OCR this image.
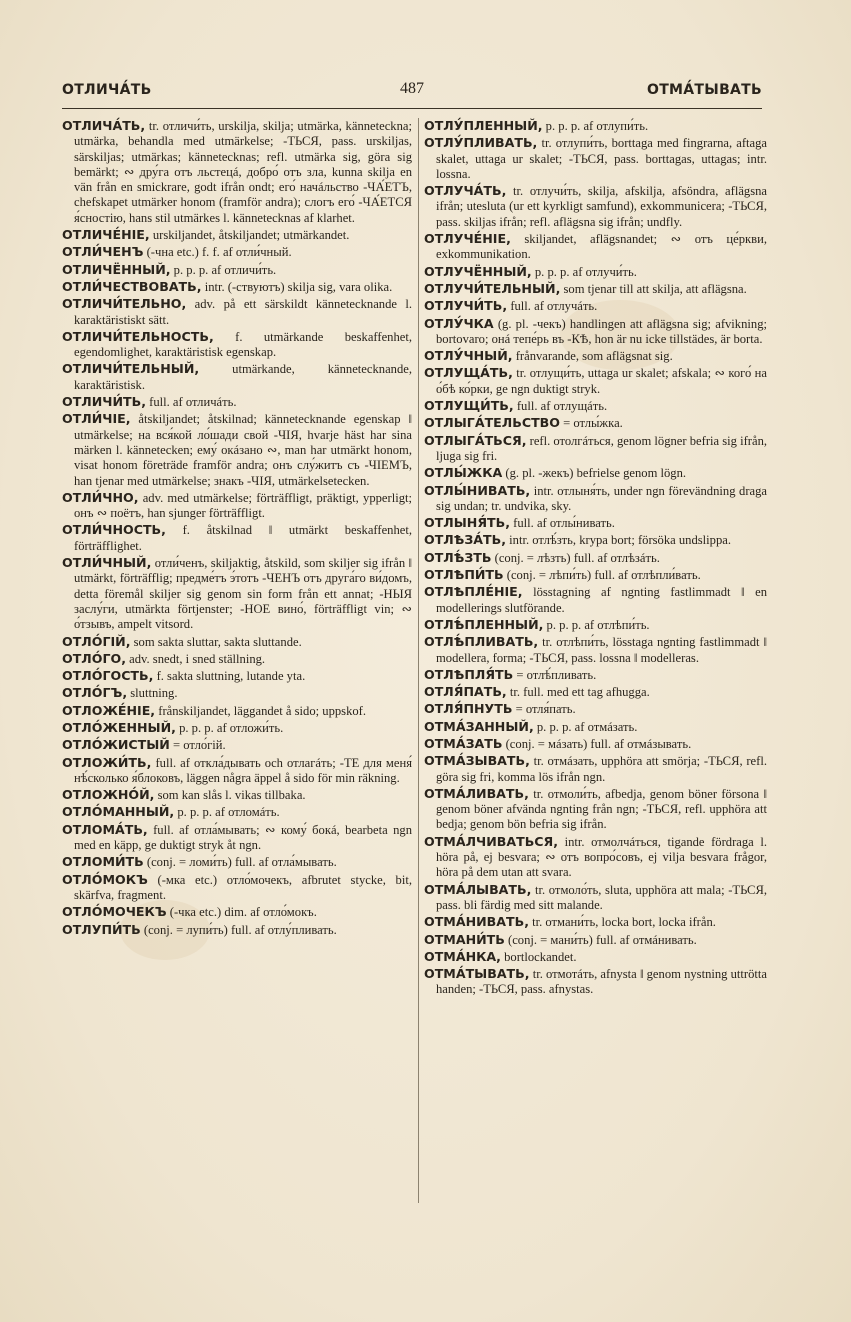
ОТЛИЧА́ТЬ	487	ОТМА́ТЫВАТЬ

ОТЛИЧА́ТЬ, tr. отличи́ть, urskilja, skilja; utmärka, känneteckna; utmärka, behandla med utmärkelse; -ТЬСЯ, pass. urskiljas, särskiljas; utmärkas; kännetecknas; refl. utmärka sig, göra sig bemärkt; ∾ дру́га отъ льстецá, добро́ отъ зла, kunna skilja en vän från en smickrare, godt ifrån ondt; его́ начáльство -ЧА́ЕТЪ, chefskapet utmärker honom (framför andra); слогъ его́ -ЧА́ЕТСЯ я́сностію, hans stil utmärkes l. kännetecknas af klarhet.

ОТЛИЧЕ́НІЕ, urskiljandet, åtskiljandet; utmärkandet.

ОТЛИ́ЧЕНЪ (-чна etc.) f. f. af отли́чный.

ОТЛИЧЁННЫЙ, p. p. p. af отличи́ть.

ОТЛИ́ЧЕСТВОВАТЬ, intr. (-ствуютъ) skilja sig, vara olika.

ОТЛИЧИ́ТЕЛЬНО, adv. på ett särskildt kännetecknande l. karaktäristiskt sätt.

ОТЛИЧИ́ТЕЛЬНОСТЬ, f. utmärkande beskaffenhet, egendomlighet, karaktäristisk egenskap.

ОТЛИЧИ́ТЕЛЬНЫЙ, utmärkande, kännetecknande, karaktäristisk.

ОТЛИЧИ́ТЬ, full. af отличáть.

ОТЛИ́ЧІЕ, åtskiljandet; åtskilnad; kännetecknande egenskap ‖ utmärkelse; на вся́кой ло́шади свой -ЧІЯ, hvarje häst har sina märken l. kännetecken; ему́ окáзано ∾, man har utmärkt honom, visat honom företräde framför andra; онъ слу́житъ съ -ЧІЕМЪ, han tjenar med utmärkelse; знакъ -ЧІЯ, utmärkelsetecken.

ОТЛИ́ЧНО, adv. med utmärkelse; förträffligt, präktigt, ypperligt; онъ ∾ поётъ, han sjunger förträffligt.

ОТЛИ́ЧНОСТЬ, f. åtskilnad ‖ utmärkt beskaffenhet, förträfflighet.

ОТЛИ́ЧНЫЙ, отли́ченъ, skiljaktig, åtskild, som skiljer sig ifrån ‖ utmärkt, förträfflig; предме́тъ э́тотъ -ЧЕНЪ отъ друга́го ви́домъ, detta föremål skiljer sig genom sin form från ett annat; -НЫЯ заслу́ги, utmärkta förtjenster; -НОЕ вино́, förträffligt vin; ∾ о́тзывъ, ampelt vitsord.

ОТЛО́ГІЙ, som sakta sluttar, sakta sluttande.

ОТЛО́ГО, adv. snedt, i sned ställning.

ОТЛО́ГОСТЬ, f. sakta sluttning, lutande yta.

ОТЛО́ГЪ, sluttning.

ОТЛОЖЕ́НІЕ, frånskiljandet, läggandet å sido; uppskof.

ОТЛО́ЖЕННЫЙ, p. p. p. af отложи́ть.

ОТЛО́ЖИСТЫЙ = отло́гій.

ОТЛОЖИ́ТЬ, full. af откла́дывать och отлагáть; -ТЕ для меня́ нѣ́сколько я́блоковъ, läggen några äppel å sido för min räkning.

ОТЛОЖНО́Й, som kan slås l. vikas tillbaka.

ОТЛО́МАННЫЙ, p. p. p. af отломáть.

ОТЛОМА́ТЬ, full. af отла́мывать; ∾ кому́ бокá, bearbeta ngn med en käpp, ge duktigt stryk åt ngn.

ОТЛОМИ́ТЬ (conj. = ломи́ть) full. af отла́мывать.

ОТЛО́МОКЪ (-мка etc.) отло́мочекъ, afbrutet stycke, bit, skärfva, fragment.

ОТЛО́МОЧЕКЪ (-чка etc.) dim. af отло́мокъ.

ОТЛУПИ́ТЬ (conj. = лупи́ть) full. af отлу́пливать.

ОТЛУ́ПЛЕННЫЙ, p. p. p. af отлупи́ть.

ОТЛУ́ПЛИВАТЬ, tr. отлупи́ть, borttaga med fingrarna, aftaga skalet, uttaga ur skalet; -ТЬСЯ, pass. borttagas, uttagas; intr. lossna.

ОТЛУЧА́ТЬ, tr. отлучи́ть, skilja, afskilja, afsöndra, aflägsna ifrån; utesluta (ur ett kyrkligt samfund), exkommunicera; -ТЬСЯ, pass. skiljas ifrån; refl. aflägsna sig ifrån; undfly.

ОТЛУЧЕ́НІЕ, skiljandet, aflägsnandet; ∾ отъ це́ркви, exkommunikation.

ОТЛУЧЁННЫЙ, p. p. p. af отлучи́ть.

ОТЛУЧИ́ТЕЛЬНЫЙ, som tjenar till att skilja, att aflägsna.

ОТЛУЧИ́ТЬ, full. af отлучáть.

ОТЛУ́ЧКА (g. pl. -чекъ) handlingen att aflägsna sig; afvikning; bortovaro; онá тепе́рь въ -КѢ, hon är nu icke tillstädes, är borta.

ОТЛУ́ЧНЫЙ, frånvarande, som aflägsnat sig.

ОТЛУЩА́ТЬ, tr. отлущи́ть, uttaga ur skalet; afskala; ∾ кого́ на о́бѣ ко́рки, ge ngn duktigt stryk.

ОТЛУЩИ́ТЬ, full. af отлущáть.

ОТЛЫГА́ТЕЛЬСТВО = отлы́жка.

ОТЛЫГА́ТЬСЯ, refl. отолгáться, genom lögner befria sig ifrån, ljuga sig fri.

ОТЛЫ́ЖКА (g. pl. -жекъ) befrielse genom lögn.

ОТЛЫ́НИВАТЬ, intr. отлыня́ть, under ngn förevändning draga sig undan; tr. undvika, sky.

ОТЛЫНЯ́ТЬ, full. af отлы́нивать.

ОТЛѢЗА́ТЬ, intr. отлѣ́зть, krypa bort; försöka undslippa.

ОТЛѢ́ЗТЬ (conj. = лѣзть) full. af отлѣзáть.

ОТЛѢПИ́ТЬ (conj. = лѣпи́ть) full. af отлѣпли́вать.

ОТЛѢПЛЕ́НІЕ, lösstagning af ngnting fastlimmadt ‖ en modellerings slutförande.

ОТЛѢ́ПЛЕННЫЙ, p. p. p. af отлѣпи́ть.

ОТЛѢ́ПЛИВАТЬ, tr. отлѣпи́ть, lösstaga ngnting fastlimmadt ‖ modellera, forma; -ТЬСЯ, pass. lossna ‖ modelleras.

ОТЛѢПЛЯ́ТЬ = отлѣ́пливать.

ОТЛЯ́ПАТЬ, tr. full. med ett tag afhugga.

ОТЛЯ́ПНУТЬ = отля́пать.

ОТМА́ЗАННЫЙ, p. p. p. af отмáзать.

ОТМА́ЗАТЬ (conj. = мáзать) full. af отмáзывать.

ОТМА́ЗЫВАТЬ, tr. отмáзать, upphöra att smörja; -ТЬСЯ, refl. göra sig fri, komma lös ifrån ngn.

ОТМА́ЛИВАТЬ, tr. отмоли́ть, afbedja, genom böner försona ‖ genom böner afvända ngnting från ngn; -ТЬСЯ, refl. upphöra att bedja; genom bön befria sig ifrån.

ОТМА́ЛЧИВАТЬСЯ, intr. отмолчáться, tigande fördraga l. höra på, ej besvara; ∾ отъ вопро́совъ, ej vilja besvara frågor, höra på dem utan att svara.

ОТМА́ЛЫВАТЬ, tr. отмоло́ть, sluta, upphöra att mala; -ТЬСЯ, pass. bli färdig med sitt malande.

ОТМА́НИВАТЬ, tr. отмани́ть, locka bort, locka ifrån.

ОТМАНИ́ТЬ (conj. = мани́ть) full. af отмáнивать.

ОТМА́НКА, bortlockandet.

ОТМА́ТЫВАТЬ, tr. отмотáть, afnysta ‖ genom nystning uttrötta handen; -ТЬСЯ, pass. afnystas.
